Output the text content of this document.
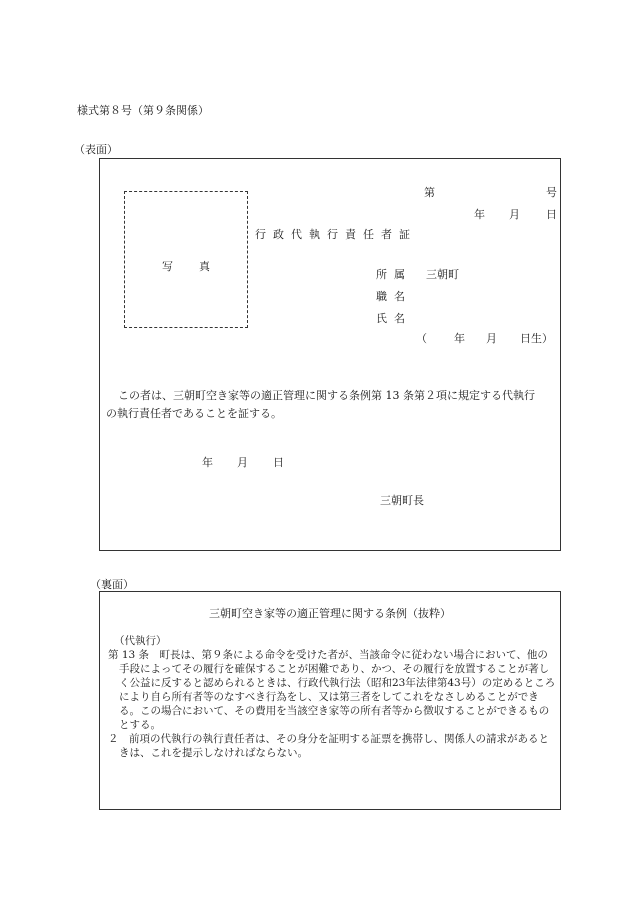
様式第８号（第９条関係）
（表面）
第	号
年 月 日
写真
行政代執行責任者証
所属 三朝町
職名
氏名
（ 年 月 日生）
この者は、三朝町空き家等の適正管理に関する条例第 13 条第２項に規定する代執行
の執行責任者であることを証する。
年 月 日
三朝町長
（裏面）
三朝町空き家等の適正管理に関する条例（抜粋）
（代執行）
第 13 条　町長は、第９条による命令を受けた者が、当該命令に従わない場合において、他の手段によってその履行を確保することが困難であり、かつ、その履行を放置することが著しく公益に反すると認められるときは、行政代執行法（昭和23年法律第43号）の定めるところにより自ら所有者等のなすべき行為をし、又は第三者をしてこれをなさしめることができる。この場合において、その費用を当該空き家等の所有者等から徴収することができるものとする。
２　前項の代執行の執行責任者は、その身分を証明する証票を携帯し、関係人の請求があるときは、これを提示しなければならない。
